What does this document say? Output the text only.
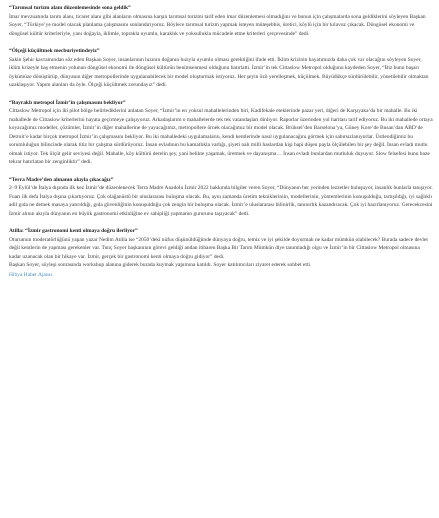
“Tarımsal turizm alanı düzenlemesinde sona geldik”

İmar mevzuatında tarım alanı, ticaret alanı gibi alanların olmasına karşın tarımsal turizmi tarif eden imar düzenlemesi olmadığını ve bunun için çalışmalarda sona geldiklerini söyleyen Başkan Soyer, “Türkiye’ye model olacak planlama çalışmasını sonlandırıyoruz. Böylece tarımsal turizm yapmak isteyen müteşebbis, üretici, köylü için bir kılavuz çıkacak. Döngüsel ekonomi ve döngüsel kültür kriterleriyle, yanı doğayla, iklimle, toprakla uyumlu, karaklık ve yoksullukla mücadele etme kriterleri çerçevesinde” dedi.

“Ölçeği küçültmek mecburiyetindeyiz”

Sakin Şehir kavramından söz eden Başkan Soyer, insanlarının hızının doğanın hızıyla uyumlu olması gerektiğini ifade etti. İklim krizinin hayatımızda daha çok var olacağını söyleyen Soyer, iklim krizeyle baş etmenin yolunun döngüsel ekonomi ile döngüsel kültürün benimsenmesi olduğunu hatırlattı. İzmir’in tek Cittaslow Metropol olduğunu kaydeden Soyer, “Biz bunu başarı öykümüze dönüştürüp, dünyanın diğer metropollerinde uygulanabilecek bir model oluşturmak istiyoruz. Her şeyin özü yerelleşmek, küçülmek. Büyüdükçe sürdürülebilir, yönetilebilir olmaktan uzaklaşıyor. Yapım alanları da öyle. Ölçeği küçültmek zorundayız” dedi.

“Bayraklı metropol İzmir’in çalışmasını bekliyor”

Cittaslow Metropol için iki pilot bölge belirlediklerini anlatan Soyer, “İzmir’in en yoksul mahallelerinden biri, Kadifekale eteklerinde pazar yeri, diğeri de Karşıyaka’da bir mahalle. Bu iki mahallede de Cittaslow kriterlerini hayata geçirmeye çalışıyoruz. Arkadaşlarım o mahallelerde tek tek vatandaşları dinliyor. Raporlar üzerinden yol haritası tarif ediyoruz. Bu iki mahallede ortaya koyacağımız modeller, çözümler, İzmir’in diğer mahallerine de yayacağımız, metropollere örnek olacağımız bir model olacak. Brüksel’den Barselona’ya, Güney Kore’de Busan’dan ABD’de Detroit’e kadar birçok metropol İzmir’in çalışmasını bekliyor. Bu iki mahalledeki uygulamaların, kendi kentlerinde nasıl uygulanacağını görmek için sabırsızlanıyorlar. Üstlendiğimiz bu sorumluluğun bilincinde olarak titiz bir çalışma sürdürüyoruz. İnsan evladının bu kamatlıkla varlığı, şiyeti nalı milli haslardan kişi bapi düşen payla ölçülebilen bir şey değil. İnsan evladı mutlu olmak istiyor. Tek ölçüt gelir seviyesi değil. Mahalle, köy kültürü derelin şey, yani belikte yaşamak, üretmek ve dayanışma… İnsan evladı bunlardan mutluluk duyuyor. Slow felsefesi bunu baze tekrar hatırlatan bir zenginliktir” dedi.

“Terra Madre’den alınanın akıyla çıkacağız”

2–9 Eylül’de İtalya dışında ilk kez İzmir’de düzenlenecek Terra Madre Anadolu İzmir 2022 hakkında bilgiler veren Soyer, “Dünyanın her yerinden lezzetler buluşuyor, insanlık bunlarla tanışıyor. Fuarı ilk defa İtalya dışına çıkartıyoruz. Çok olağanüstü bir uluslararası buluşma olacak. Bu, aynı zamanda üretim teknikleriniin, modellerinin, yöntemlerinin konuşulduğu, tartışıldığı, iyi sağlıklı adil gıda ne demek masaya yatırıldığı, gıda güvenliğinin konuşulduğu çok zengin bir buluşma olacak. İzmir’e uluslararası bilinirlik, tanınırlık kazandıracak. Çok iyi hazırlanıyoruz. Gerecekcesini İzmir alının akıyla dünyanın en büyük gastronomi etkinliğine ev sahipliği yapmanın gururunu taşıyacak” dedi.

Atilla: “İzmir gastronomi kenti olmaya doğru ilerliyor”

Oturumun moderatörlüğünü yapan yazar Nedim Atilla ise “2050’deki nüfus düşünüldüğünde dünyaya doğru, temiz ve iyi şekilde doyurmak ne kadar mümkün olabilecek? Burada sadece devlet değil kentlerin de yapması gerekenler var. Tunç Soyer başkanının görevi geldiği andan itibaren Başka Bir Tarım Mümkün diye tanımladığı olgu ve İzmir’in bir Cittaslow Metropol olmasına kadar uzanacak olan bir hikaye var. İzmir, gerçek bir gastronomi kenti olmaya doğru gidiyor” dedi.

Başkan Soyer, söyleşi sonrasında workshop alanına giderek burada kuymak yapımına katıldı. Soyer katılımcıları ziyaret ederek sohbet etti.

Hibya Haber Ajansı
